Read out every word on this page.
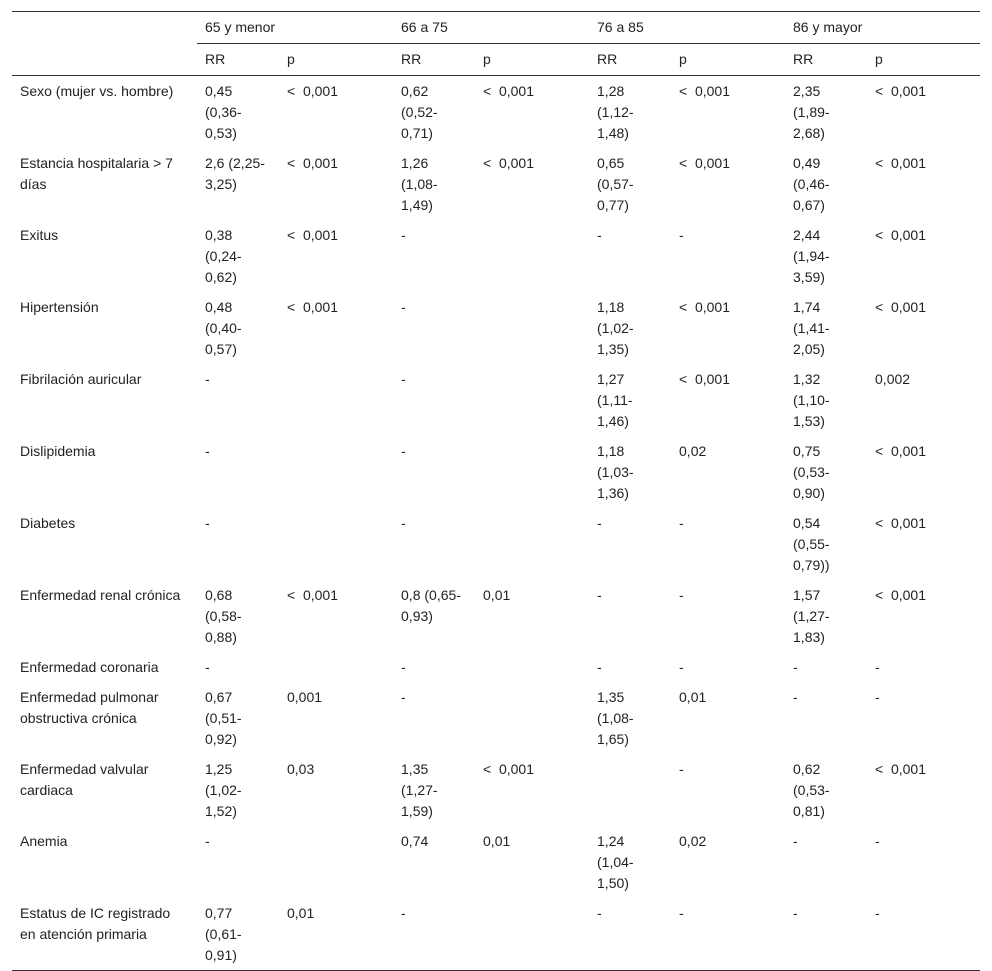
	65 y menor		66 a 75		76 a 85		86 y mayor	
	RR	p	RR	p	RR	p	RR	p
Sexo (mujer vs. hombre)	0,45 (0,36-0,53)	<  0,001	0,62 (0,52-0,71)	<  0,001	1,28 (1,12-1,48)	<  0,001	2,35 (1,89-2,68)	<  0,001
Estancia hospitalaria > 7 días	2,6 (2,25-3,25)	<  0,001	1,26 (1,08-1,49)	<  0,001	0,65 (0,57-0,77)	<  0,001	0,49 (0,46-0,67)	<  0,001
Exitus	0,38 (0,24-0,62)	<  0,001	-		-	-	2,44 (1,94-3,59)	<  0,001
Hipertensión	0,48 (0,40-0,57)	<  0,001	-		1,18 (1,02-1,35)	<  0,001	1,74 (1,41-2,05)	<  0,001
Fibrilación auricular	-		-		1,27 (1,11-1,46)	<  0,001	1,32 (1,10-1,53)	0,002
Dislipidemia	-		-		1,18 (1,03-1,36)	0,02	0,75 (0,53-0,90)	<  0,001
Diabetes	-		-		-	-	0,54 (0,55-0,79))	<  0,001
Enfermedad renal crónica	0,68 (0,58-0,88)	<  0,001	0,8 (0,65-0,93)	0,01	-	-	1,57 (1,27-1,83)	<  0,001
Enfermedad coronaria	-		-		-	-	-	-
Enfermedad pulmonar obstructiva crónica	0,67 (0,51-0,92)	0,001	-		1,35 (1,08-1,65)	0,01	-	-
Enfermedad valvular cardiaca	1,25 (1,02-1,52)	0,03	1,35 (1,27-1,59)	<  0,001		-	0,62 (0,53-0,81)	<  0,001
Anemia	-		0,74	0,01	1,24 (1,04-1,50)	0,02	-	-
Estatus de IC registrado en atención primaria	0,77 (0,61-0,91)	0,01	-		-	-	-	-
